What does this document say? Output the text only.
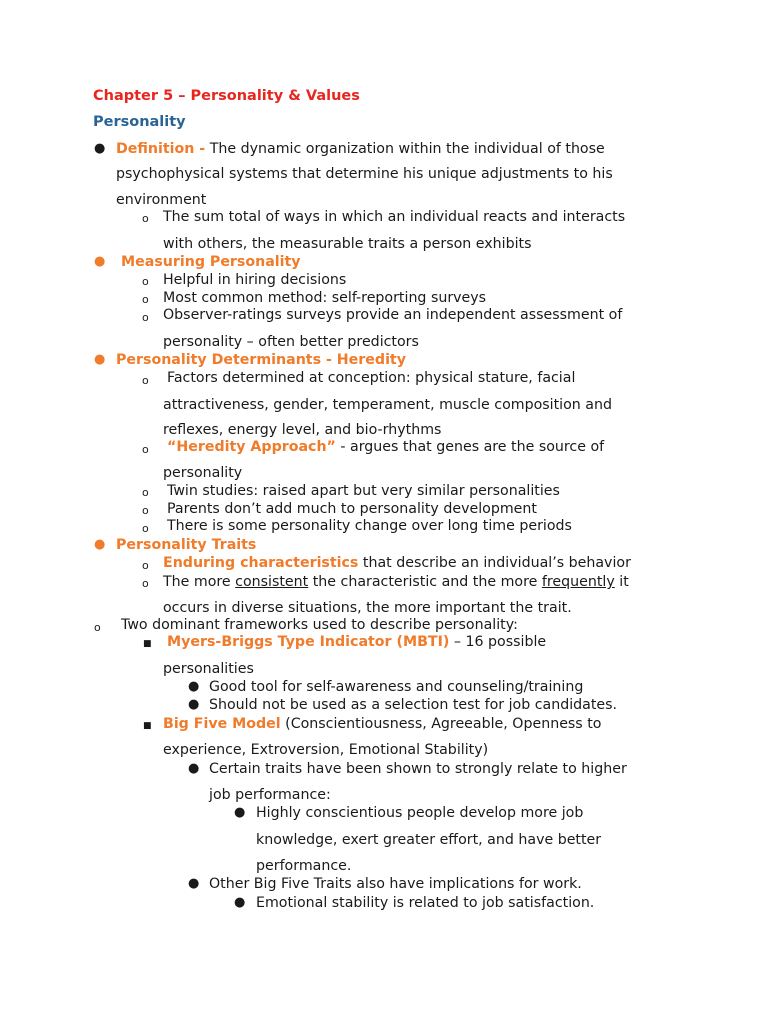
Chapter 5 – Personality & Values
Personality
● Definition - The dynamic organization within the individual of those
psychophysical systems that determine his unique adjustments to his
environment
o The sum total of ways in which an individual reacts and interacts
with others, the measurable traits a person exhibits
● Measuring Personality
o Helpful in hiring decisions
o Most common method: self-reporting surveys
o Observer-ratings surveys provide an independent assessment of
personality – often better predictors
● Personality Determinants - Heredity
o Factors determined at conception: physical stature, facial
attractiveness, gender, temperament, muscle composition and
reflexes, energy level, and bio-rhythms
o “Heredity Approach” - argues that genes are the source of
personality
o Twin studies: raised apart but very similar personalities
o Parents don’t add much to personality development
o There is some personality change over long time periods
● Personality Traits
o Enduring characteristics that describe an individual’s behavior
o The more consistent the characteristic and the more frequently it
occurs in diverse situations, the more important the trait.
o Two dominant frameworks used to describe personality:
■ Myers-Briggs Type Indicator (MBTI) – 16 possible
personalities
● Good tool for self-awareness and counseling/training
● Should not be used as a selection test for job candidates.
■ Big Five Model (Conscientiousness, Agreeable, Openness to
experience, Extroversion, Emotional Stability)
● Certain traits have been shown to strongly relate to higher
job performance:
● Highly conscientious people develop more job
knowledge, exert greater effort, and have better
performance.
● Other Big Five Traits also have implications for work.
● Emotional stability is related to job satisfaction.
